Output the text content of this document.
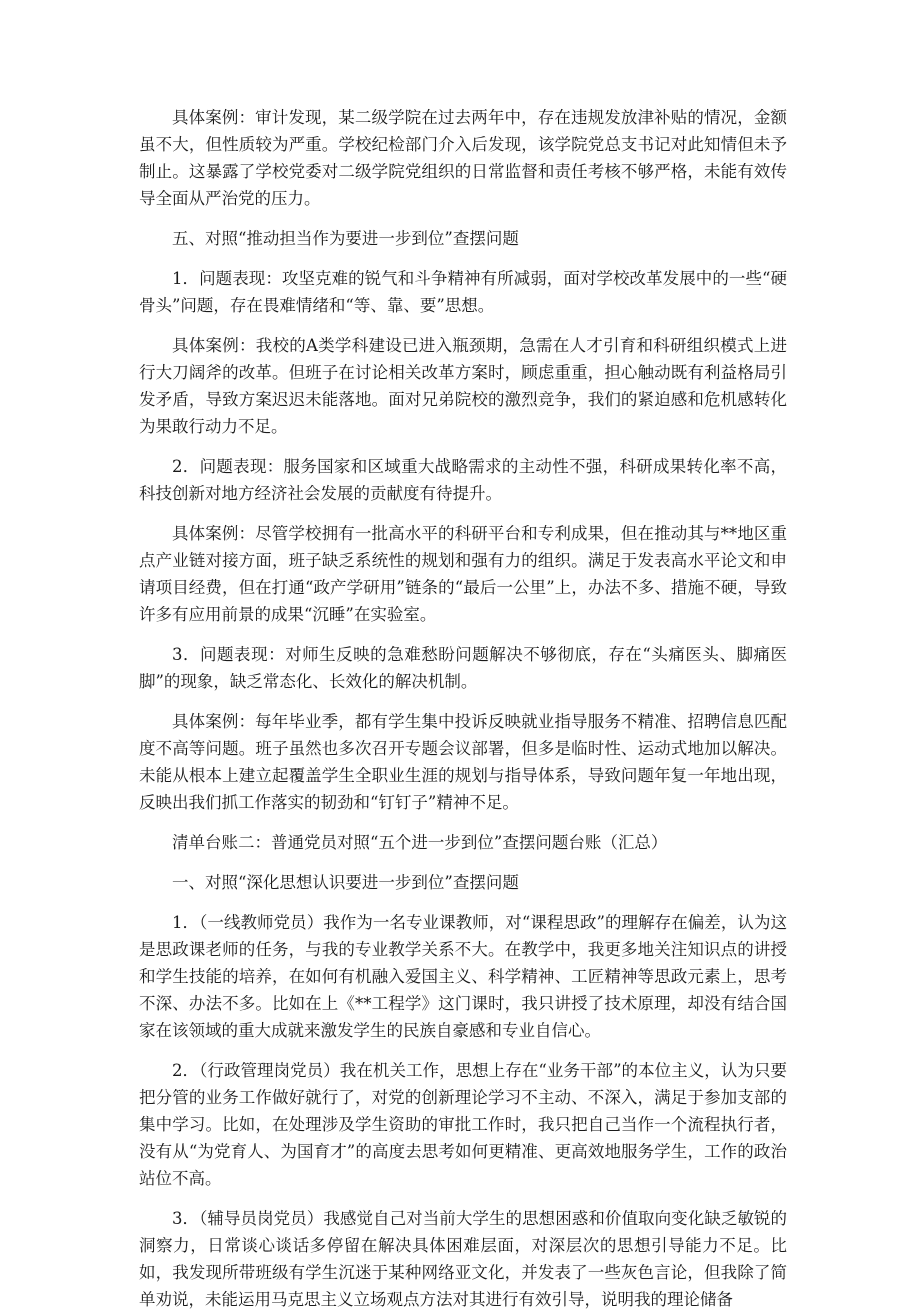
具体案例：审计发现，某二级学院在过去两年中，存在违规发放津补贴的情况，金额虽不大，但性质较为严重。学校纪检部门介入后发现，该学院党总支书记对此知情但未予制止。这暴露了学校党委对二级学院党组织的日常监督和责任考核不够严格，未能有效传导全面从严治党的压力。

五、对照“推动担当作为要进一步到位”查摆问题

1．问题表现：攻坚克难的锐气和斗争精神有所减弱，面对学校改革发展中的一些“硬骨头”问题，存在畏难情绪和“等、靠、要”思想。

具体案例：我校的A类学科建设已进入瓶颈期，急需在人才引育和科研组织模式上进行大刀阔斧的改革。但班子在讨论相关改革方案时，顾虑重重，担心触动既有利益格局引发矛盾，导致方案迟迟未能落地。面对兄弟院校的激烈竞争，我们的紧迫感和危机感转化为果敢行动力不足。

2．问题表现：服务国家和区域重大战略需求的主动性不强，科研成果转化率不高，科技创新对地方经济社会发展的贡献度有待提升。

具体案例：尽管学校拥有一批高水平的科研平台和专利成果，但在推动其与**地区重点产业链对接方面，班子缺乏系统性的规划和强有力的组织。满足于发表高水平论文和申请项目经费，但在打通“政产学研用”链条的“最后一公里”上，办法不多、措施不硬，导致许多有应用前景的成果“沉睡”在实验室。

3．问题表现：对师生反映的急难愁盼问题解决不够彻底，存在“头痛医头、脚痛医脚”的现象，缺乏常态化、长效化的解决机制。

具体案例：每年毕业季，都有学生集中投诉反映就业指导服务不精准、招聘信息匹配度不高等问题。班子虽然也多次召开专题会议部署，但多是临时性、运动式地加以解决。未能从根本上建立起覆盖学生全职业生涯的规划与指导体系，导致问题年复一年地出现，反映出我们抓工作落实的韧劲和“钉钉子”精神不足。

清单台账二：普通党员对照“五个进一步到位”查摆问题台账（汇总）

一、对照“深化思想认识要进一步到位”查摆问题

1．（一线教师党员）我作为一名专业课教师，对“课程思政”的理解存在偏差，认为这是思政课老师的任务，与我的专业教学关系不大。在教学中，我更多地关注知识点的讲授和学生技能的培养，在如何有机融入爱国主义、科学精神、工匠精神等思政元素上，思考不深、办法不多。比如在上《**工程学》这门课时，我只讲授了技术原理，却没有结合国家在该领域的重大成就来激发学生的民族自豪感和专业自信心。

2．（行政管理岗党员）我在机关工作，思想上存在“业务干部”的本位主义，认为只要把分管的业务工作做好就行了，对党的创新理论学习不主动、不深入，满足于参加支部的集中学习。比如，在处理涉及学生资助的审批工作时，我只把自己当作一个流程执行者，没有从“为党育人、为国育才”的高度去思考如何更精准、更高效地服务学生，工作的政治站位不高。

3．（辅导员岗党员）我感觉自己对当前大学生的思想困惑和价值取向变化缺乏敏锐的洞察力，日常谈心谈话多停留在解决具体困难层面，对深层次的思想引导能力不足。比如，我发现所带班级有学生沉迷于某种网络亚文化，并发表了一些灰色言论，但我除了简单劝说，未能运用马克思主义立场观点方法对其进行有效引导，说明我的理论储备
